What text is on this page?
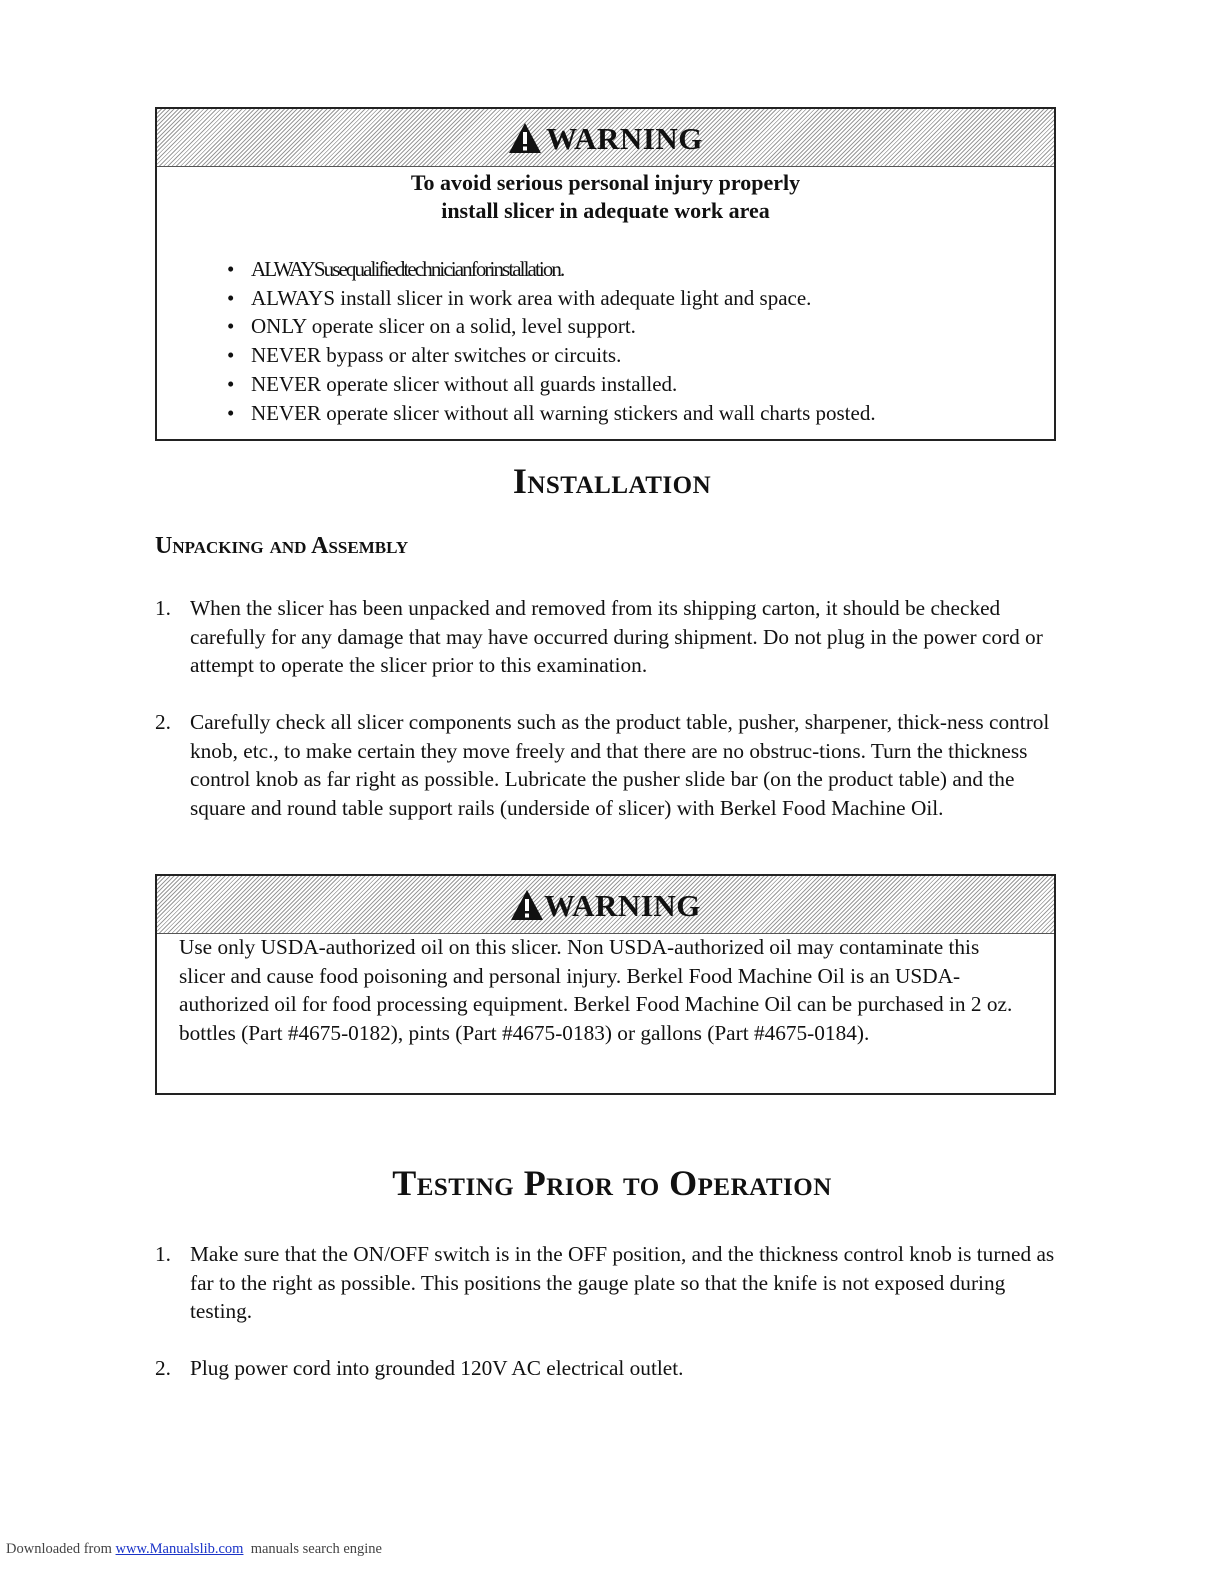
WARNING
To avoid serious personal injury properly
install slicer in adequate work area
• ALWAYSusequalifiedtechnicianforinstallation.
• ALWAYS install slicer in work area with adequate light and space.
• ONLY operate slicer on a solid, level support.
• NEVER bypass or alter switches or circuits.
• NEVER operate slicer without all guards installed.
• NEVER operate slicer without all warning stickers and wall charts posted.
Installation
Unpacking and Assembly
1. When the slicer has been unpacked and removed from its shipping carton, it should be checked carefully for any damage that may have occurred during shipment. Do not plug in the power cord or attempt to operate the slicer prior to this examination.
2. Carefully check all slicer components such as the product table, pusher, sharpener, thick-ness control knob, etc., to make certain they move freely and that there are no obstruc-tions. Turn the thickness control knob as far right as possible. Lubricate the pusher slide bar (on the product table) and the square and round table support rails (underside of slicer) with Berkel Food Machine Oil.
WARNING
Use only USDA-authorized oil on this slicer. Non USDA-authorized oil may contaminate this slicer and cause food poisoning and personal injury. Berkel Food Machine Oil is an USDA-authorized oil for food processing equipment. Berkel Food Machine Oil can be purchased in 2 oz. bottles (Part #4675-0182), pints (Part #4675-0183) or gallons (Part #4675-0184).
Testing Prior to Operation
1. Make sure that the ON/OFF switch is in the OFF position, and the thickness control knob is turned as far to the right as possible. This positions the gauge plate so that the knife is not exposed during testing.
2. Plug power cord into grounded 120V AC electrical outlet.
Downloaded from www.Manualslib.com manuals search engine
